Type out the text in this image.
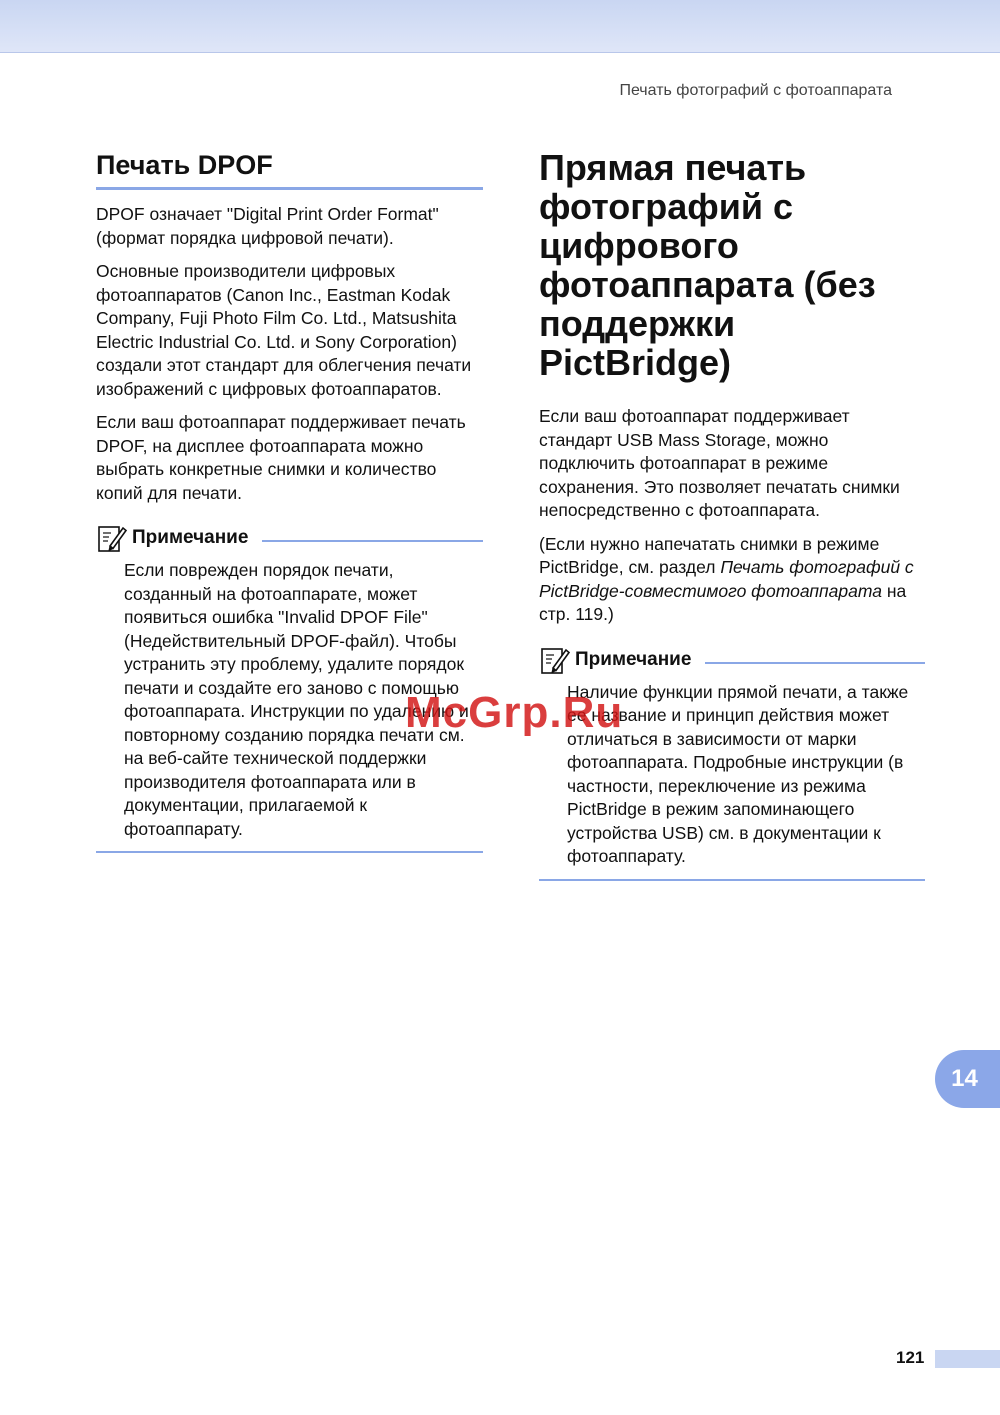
Печать фотографий с фотоаппарата
Печать DPOF

DPOF означает "Digital Print Order Format" (формат порядка цифровой печати).

Основные производители цифровых фотоаппаратов (Canon Inc., Eastman Kodak Company, Fuji Photo Film Co. Ltd., Matsushita Electric Industrial Co. Ltd. и Sony Corporation) создали этот стандарт для облегчения печати изображений с цифровых фотоаппаратов.

Если ваш фотоаппарат поддерживает печать DPOF, на дисплее фотоаппарата можно выбрать конкретные снимки и количество копий для печати.

Примечание

Если поврежден порядок печати, созданный на фотоаппарате, может появиться ошибка "Invalid DPOF File" (Недействительный DPOF-файл). Чтобы устранить эту проблему, удалите порядок печати и создайте его заново с помощью фотоаппарата. Инструкции по удалению и повторному созданию порядка печати см. на веб-сайте технической поддержки производителя фотоаппарата или в документации, прилагаемой к фотоаппарату.

Прямая печать фотографий с цифрового фотоаппарата (без поддержки PictBridge)

Если ваш фотоаппарат поддерживает стандарт USB Mass Storage, можно подключить фотоаппарат в режиме сохранения. Это позволяет печатать снимки непосредственно с фотоаппарата.

(Если нужно напечатать снимки в режиме PictBridge, см. раздел Печать фотографий с PictBridge-совместимого фотоаппарата на стр. 119.)

Примечание

Наличие функции прямой печати, а также ее название и принцип действия может отличаться в зависимости от марки фотоаппарата. Подробные инструкции (в частности, переключение из режима PictBridge в режим запоминающего устройства USB) см. в документации к фотоаппарату.

McGrp.Ru
14
121
